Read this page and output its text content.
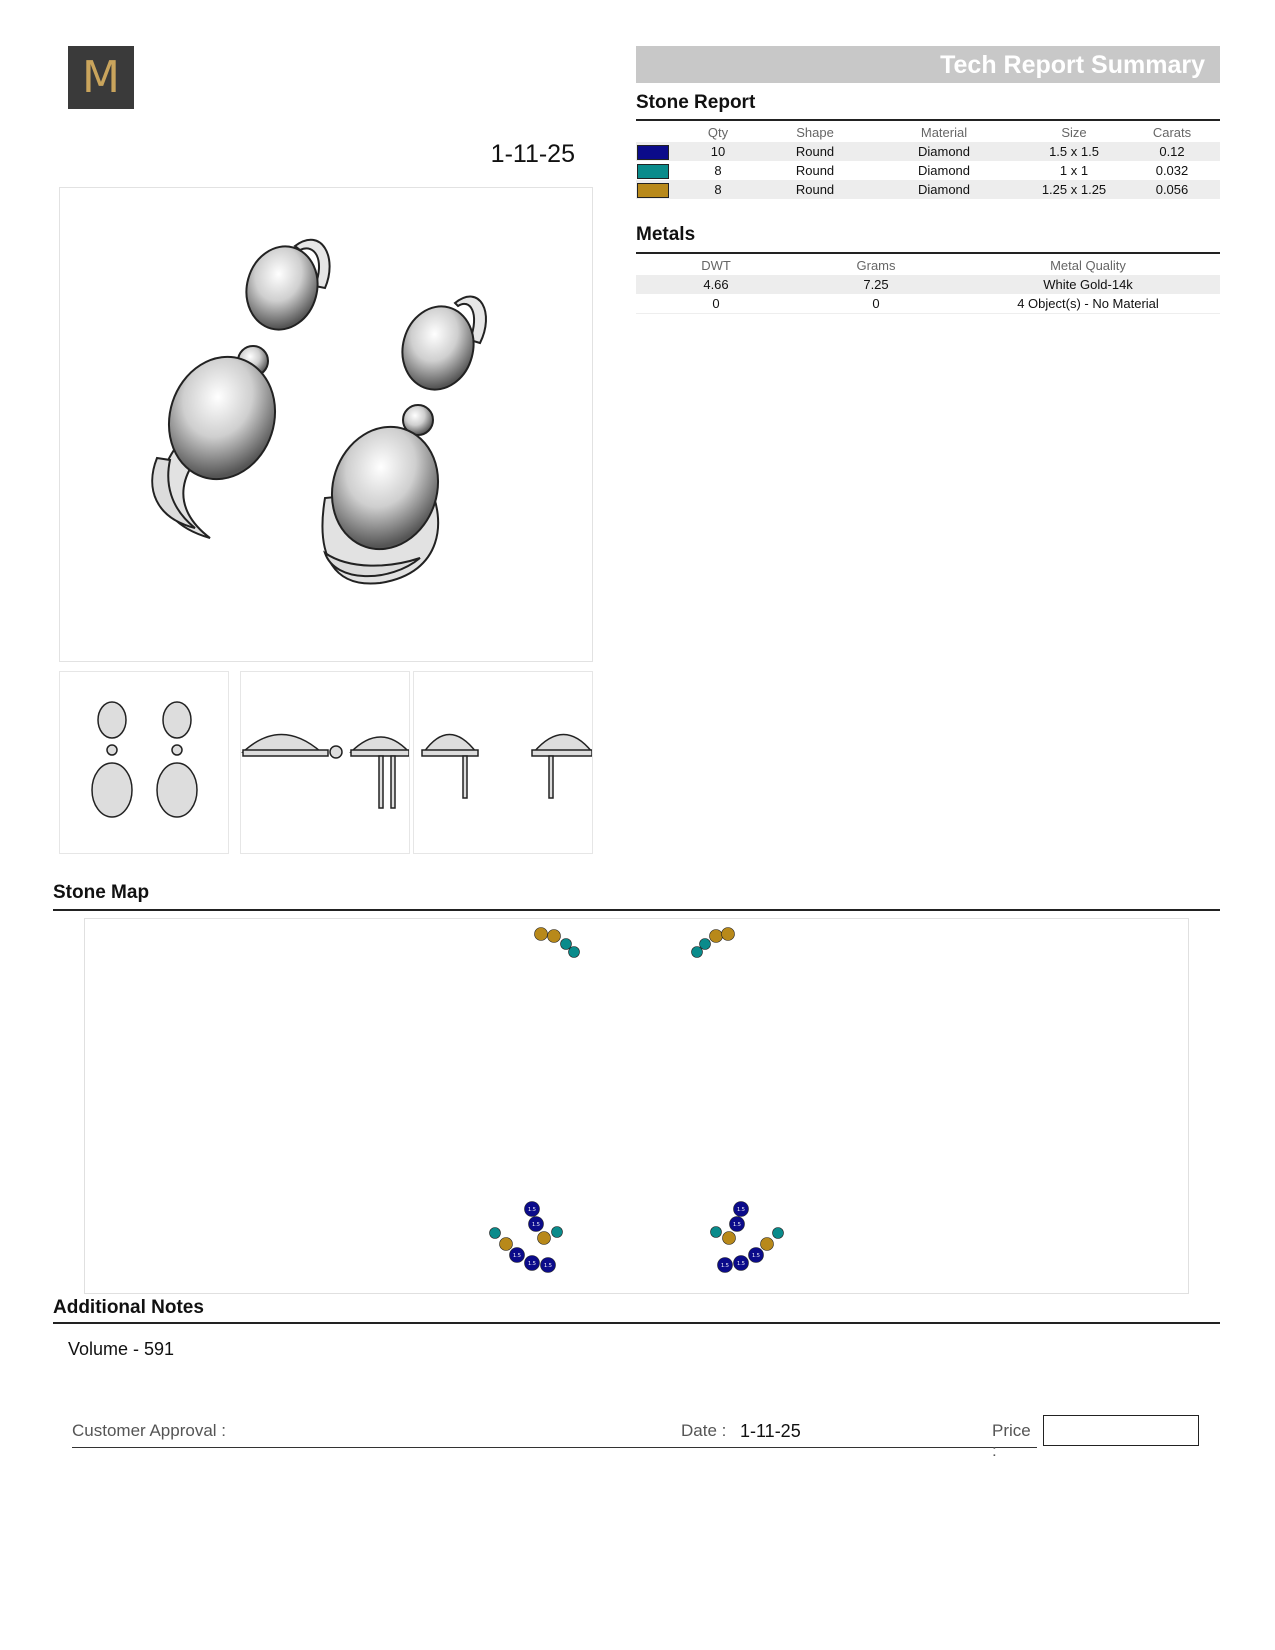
M
1-11-25
Tech Report Summary
Stone Report
	Qty	Shape	Material	Size	Carats
	10	Round	Diamond	1.5 x 1.5	0.12
	8	Round	Diamond	1 x 1	0.032
	8	Round	Diamond	1.25 x 1.25	0.056
Metals
DWT	Grams	Metal Quality
4.66	7.25	White Gold-14k
0	0	4 Object(s) - No Material
Stone Map
1.5
1.5
1.5
1.5 1.5
1.5
1.5
1.5
1.5
1.5
Additional Notes
Volume - 591
Customer Approval :	Date : 1-11-25	Price :
